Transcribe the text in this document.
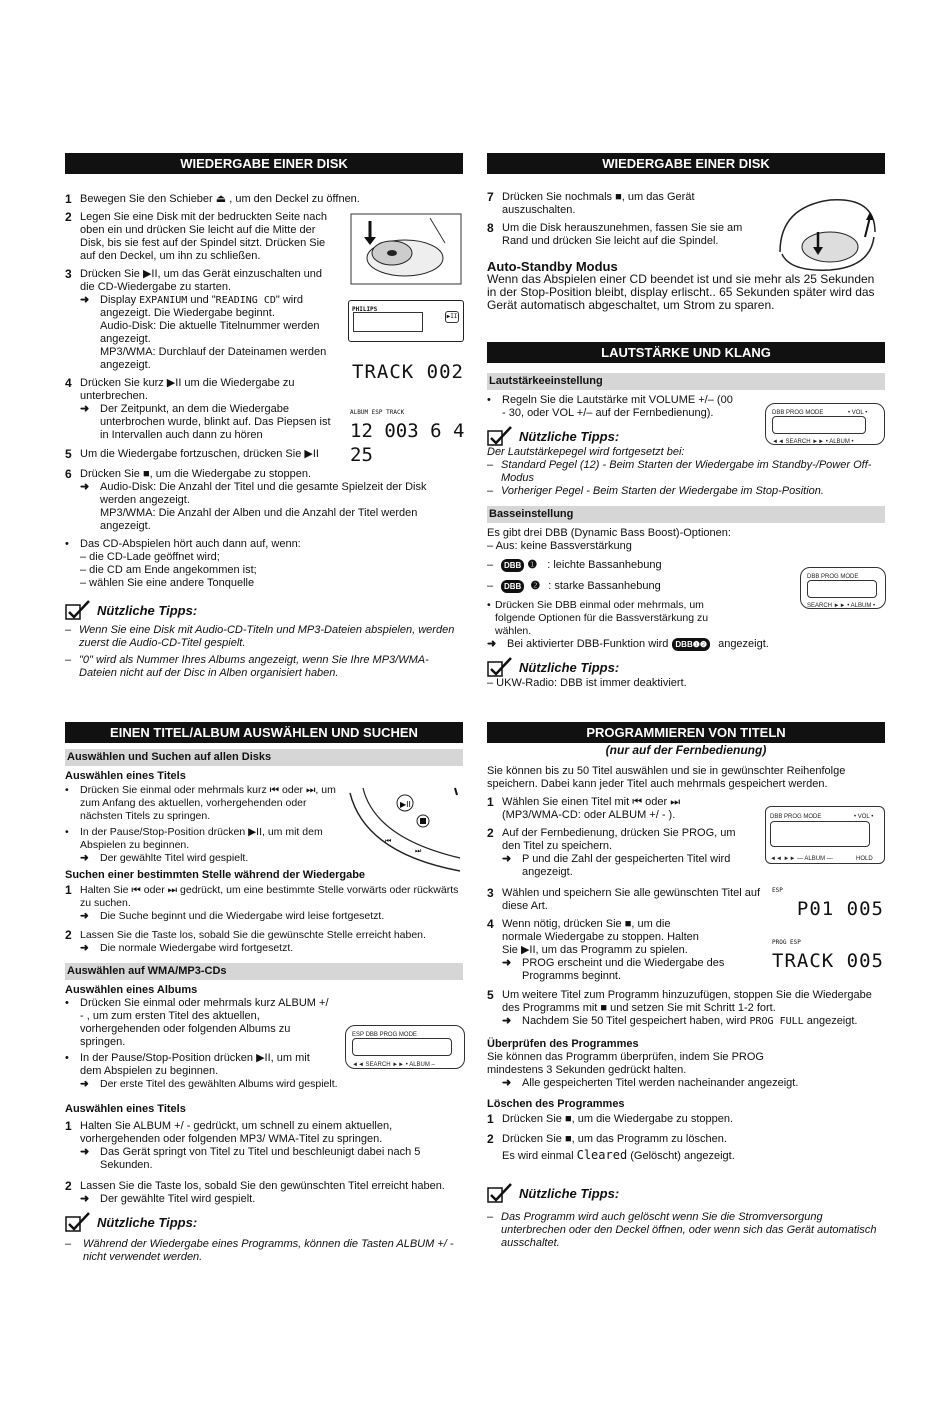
WIEDERGABE EINER DISK
1 Bewegen Sie den Schieber ⏏ , um den Deckel zu öffnen.
2 Legen Sie eine Disk mit der bedruckten Seite nach oben ein und drücken Sie leicht auf die Mitte der Disk, bis sie fest auf der Spindel sitzt. Drücken Sie auf den Deckel, um ihn zu schließen.
3 Drücken Sie ▶II, um das Gerät einzuschalten und die CD-Wiedergabe zu starten.
➜ Display EXPANIUM und "READING CD" wird angezeigt. Die Wiedergabe beginnt.
Audio-Disk: Die aktuelle Titelnummer werden angezeigt.
MP3/WMA: Durchlauf der Dateinamen werden angezeigt.
4 Drücken Sie kurz ▶II um die Wiedergabe zu unterbrechen.
➜ Der Zeitpunkt, an dem die Wiedergabe unterbrochen wurde, blinkt auf. Das Piepsen ist in Intervallen auch dann zu hören
5 Um die Wiedergabe fortzuschen, drücken Sie ▶II
6 Drücken Sie ■, um die Wiedergabe zu stoppen.
➜ Audio-Disk: Die Anzahl der Titel und die gesamte Spielzeit der Disk werden angezeigt.
MP3/WMA: Die Anzahl der Alben und die Anzahl der Titel werden angezeigt.
•	Das CD-Abspielen hört auch dann auf, wenn:
– die CD-Lade geöffnet wird;
– die CD am Ende angekommen ist;
– wählen Sie eine andere Tonquelle
Nützliche Tipps:
– Wenn Sie eine Disk mit Audio-CD-Titeln und MP3-Dateien abspielen, werden zuerst die Audio-CD-Titel gespielt.
– "0" wird als Nummer Ihres Albums angezeigt, wenn Sie Ihre MP3/WMA-Dateien nicht auf der Disc in Alben organisiert haben.
PHILIPS
▶II
TRACK 002
ALBUM ESP TRACK
12 003 6 4 25
WIEDERGABE EINER DISK
7 Drücken Sie nochmals ■, um das Gerät auszuschalten.
8 Um die Disk herauszunehmen, fassen Sie sie am Rand und drücken Sie leicht auf die Spindel.
Auto-Standby Modus
Wenn das Abspielen einer CD beendet ist und sie mehr als 25 Sekunden in der Stop-Position bleibt, display erlischt.. 65 Sekunden später wird das Gerät automatisch abgeschaltet, um Strom zu sparen.
LAUTSTÄRKE UND KLANG
Lautstärkeeinstellung
•	Regeln Sie die Lautstärke mit VOLUME +/– (00 - 30, oder VOL +/– auf der Fernbedienung).
Nützliche Tipps:
Der Lautstärkepegel wird fortgesetzt bei:
– Standard Pegel (12) - Beim Starten der Wiedergabe im Standby-/Power Off-Modus
– Vorheriger Pegel - Beim Starten der Wiedergabe im Stop-Position.
Basseinstellung
Es gibt drei DBB (Dynamic Bass Boost)-Optionen:
– Aus: keine Bassverstärkung
–	DBB ❶ : leichte Bassanhebung
–	DBB ❷ : starke Bassanhebung
• Drücken Sie DBB einmal oder mehrmals, um folgende Optionen für die Bassverstärkung zu wählen.
➜ Bei aktivierter DBB-Funktion wird DBB❶❷ angezeigt.
Nützliche Tipps:
– UKW-Radio: DBB ist immer deaktiviert.
DBB PROG MODE	• VOL •
◄◄ SEARCH ►► • ALBUM •
DBB PROG MODE
SEARCH ►► • ALBUM •
EINEN TITEL/ALBUM AUSWÄHLEN UND SUCHEN
Auswählen und Suchen auf allen Disks
Auswählen eines Titels
•	Drücken Sie einmal oder mehrmals kurz ⏮ oder ⏭, um zum Anfang des aktuellen, vorhergehenden oder nächsten Titels zu springen.
•	In der Pause/Stop-Position drücken ▶II, um mit dem Abspielen zu beginnen.
➜	Der gewählte Titel wird gespielt.
Suchen einer bestimmten Stelle während der Wiedergabe
1 Halten Sie ⏮ oder ⏭ gedrückt, um eine bestimmte Stelle vorwärts oder rückwärts zu suchen.
➜	Die Suche beginnt und die Wiedergabe wird leise fortgesetzt.
2 Lassen Sie die Taste los, sobald Sie die gewünschte Stelle erreicht haben.
➜	Die normale Wiedergabe wird fortgesetzt.
Auswählen auf WMA/MP3-CDs
Auswählen eines Albums
•	Drücken Sie einmal oder mehrmals kurz ALBUM +/ - , um zum ersten Titel des aktuellen, vorhergehenden oder folgenden Albums zu springen.
•	In der Pause/Stop-Position drücken ▶II, um mit dem Abspielen zu beginnen.
➜	Der erste Titel des gewählten Albums wird gespielt.
Auswählen eines Titels
1 Halten Sie ALBUM +/ - gedrückt, um schnell zu einem aktuellen, vorhergehenden oder folgenden MP3/ WMA-Titel zu springen.
➜ Das Gerät springt von Titel zu Titel und beschleunigt dabei nach 5 Sekunden.
2 Lassen Sie die Taste los, sobald Sie den gewünschten Titel erreicht haben.
➜ Der gewählte Titel wird gespielt.
Nützliche Tipps:
–	Während der Wiedergabe eines Programms, können die Tasten ALBUM +/ - nicht verwendet werden.
▶II
⏮
⏭
ESP DBB PROG MODE
◄◄ SEARCH ►► • ALBUM –
PROGRAMMIEREN VON TITELN
(nur auf der Fernbedienung)
Sie können bis zu 50 Titel auswählen und sie in gewünschter Reihenfolge speichern. Dabei kann jeder Titel auch mehrmals gespeichert werden.
1 Wählen Sie einen Titel mit ⏮ oder ⏭ (MP3/WMA-CD: oder ALBUM +/ - ).
2 Auf der Fernbedienung, drücken Sie PROG, um den Titel zu speichern.
➜ P und die Zahl der gespeicherten Titel wird angezeigt.
3 Wählen und speichern Sie alle gewünschten Titel auf diese Art.
4 Wenn nötig, drücken Sie ■, um die normale Wiedergabe zu stoppen. Halten Sie ▶II, um das Programm zu spielen.
➜ PROG erscheint und die Wiedergabe des Programms beginnt.
5 Um weitere Titel zum Programm hinzuzufügen, stoppen Sie die Wiedergabe des Programms mit ■ und setzen Sie mit Schritt 1-2 fort.
➜ Nachdem Sie 50 Titel gespeichert haben, wird PROG FULL angezeigt.
Überprüfen des Programmes
Sie können das Programm überprüfen, indem Sie PROG mindestens 3 Sekunden gedrückt halten.
➜ Alle gespeicherten Titel werden nacheinander angezeigt.
Löschen des Programmes
1 Drücken Sie ■, um die Wiedergabe zu stoppen.
2 Drücken Sie ■, um das Programm zu löschen.
Es wird einmal Cleared (Gelöscht) angezeigt.
Nützliche Tipps:
– Das Programm wird auch gelöscht wenn Sie die Stromversorgung unterbrechen oder den Deckel öffnen, oder wenn sich das Gerät automatisch ausschaltet.
DBB PROG MODE	• VOL •
◄◄ ►► — ALBUM —	HOLD
ESP
P01 005
PROG ESP
TRACK 005
